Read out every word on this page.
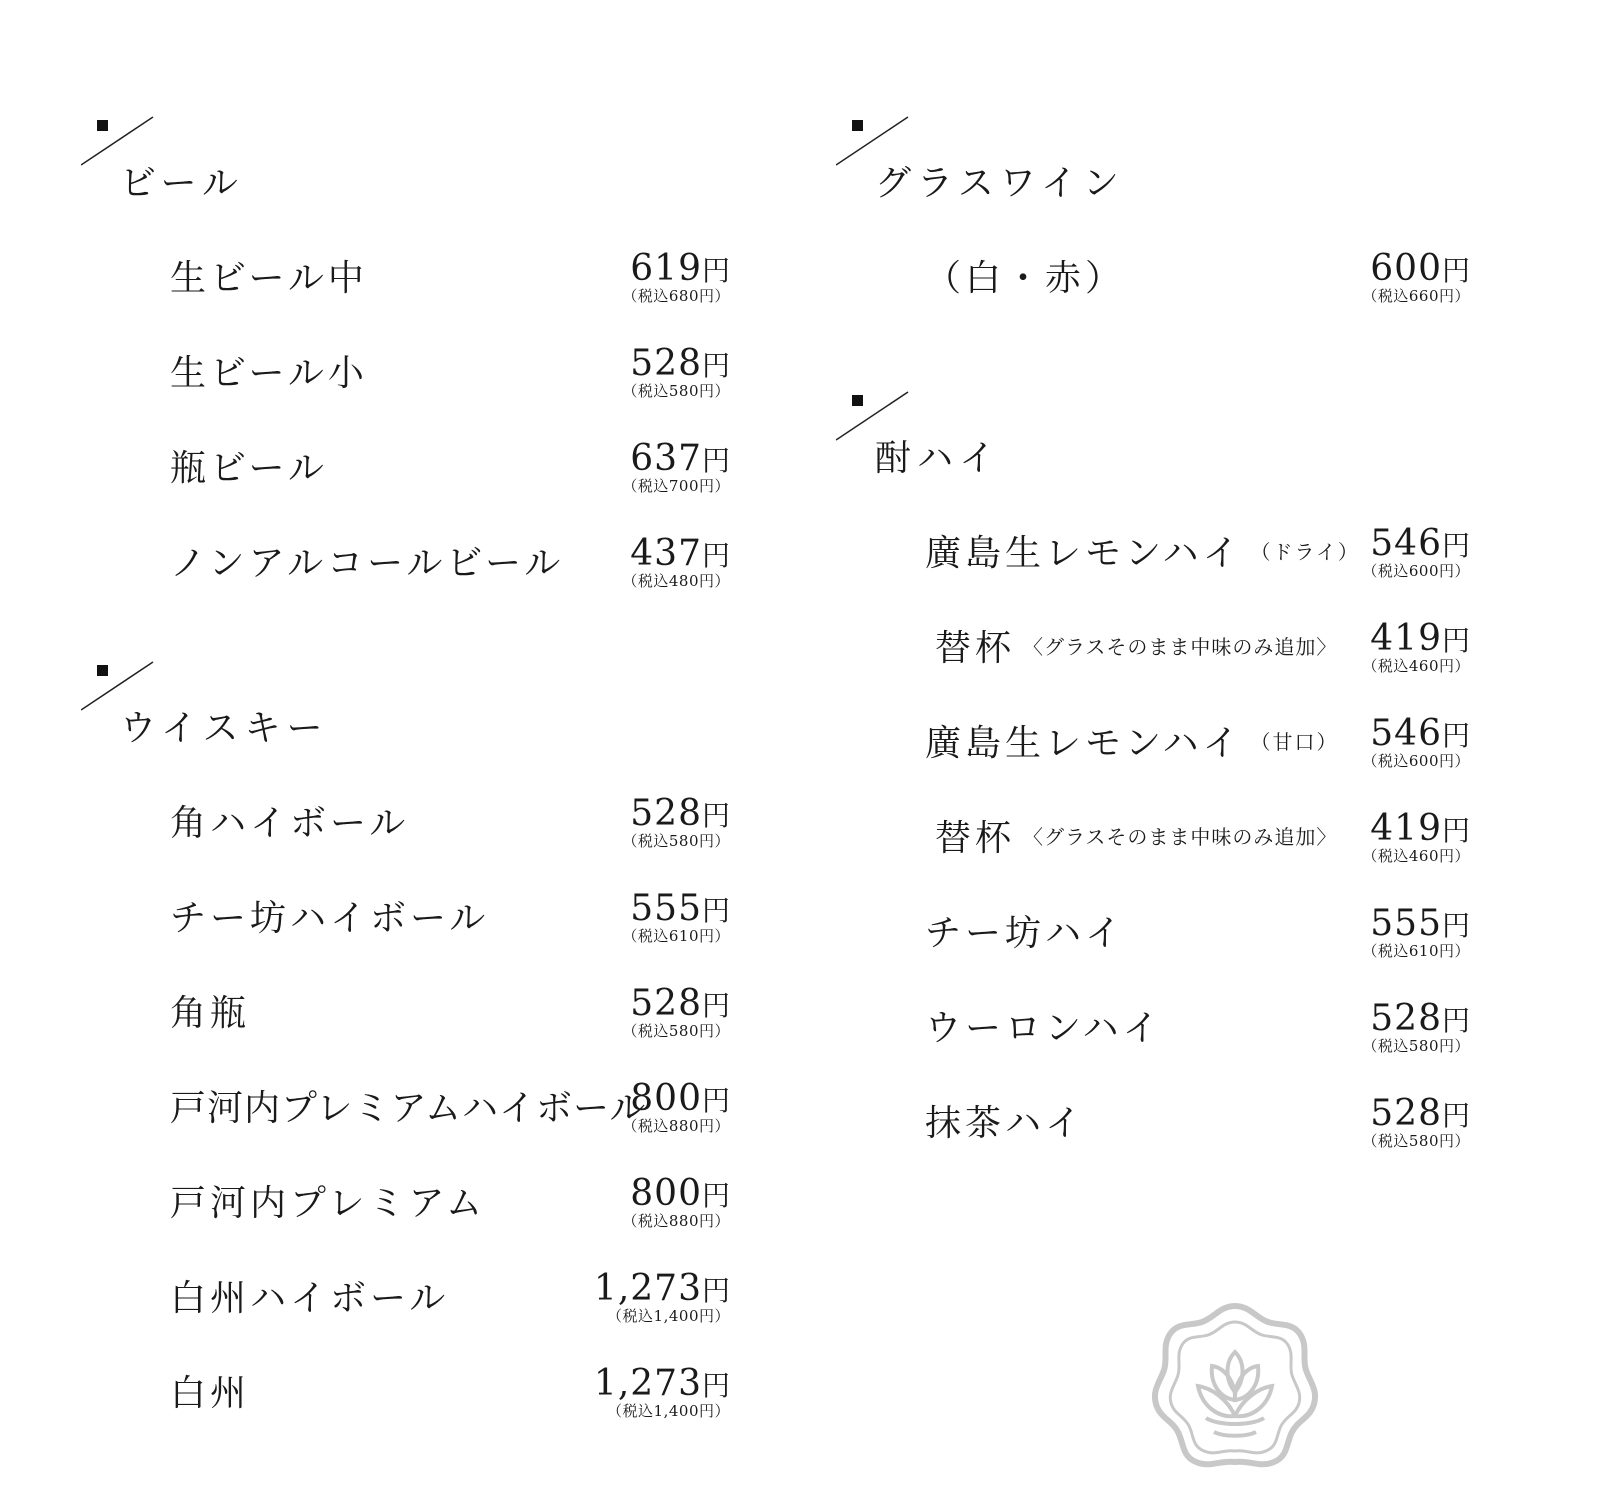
ビール
生ビール中	619円
（税込680円）
生ビール小	528円
（税込580円）
瓶ビール	637円
（税込700円）
ノンアルコールビール 437円
（税込480円）
ウイスキー
角ハイボール	528円
（税込580円）
チー坊ハイボール	555円
（税込610円）
角瓶	528円
（税込580円）
戸河内プレミアムハイボール
800円
（税込880円）
戸河内プレミアム	800円
（税込880円）
白州ハイボール	1,273円
（税込1,400円）
白州	1,273円
（税込1,400円）
グラスワイン
（白・赤）	600円
（税込660円）
酎ハイ
廣島生レモンハイ （ドライ） 546円
（税込600円）
替杯 〈グラスそのまま中味のみ追加〉 419円
（税込460円）
廣島生レモンハイ （甘口） 546円
（税込600円）
替杯 〈グラスそのまま中味のみ追加〉 419円
（税込460円）
チー坊ハイ	555円
（税込610円）
ウーロンハイ	528円
（税込580円）
抹茶ハイ	528円
（税込580円）
